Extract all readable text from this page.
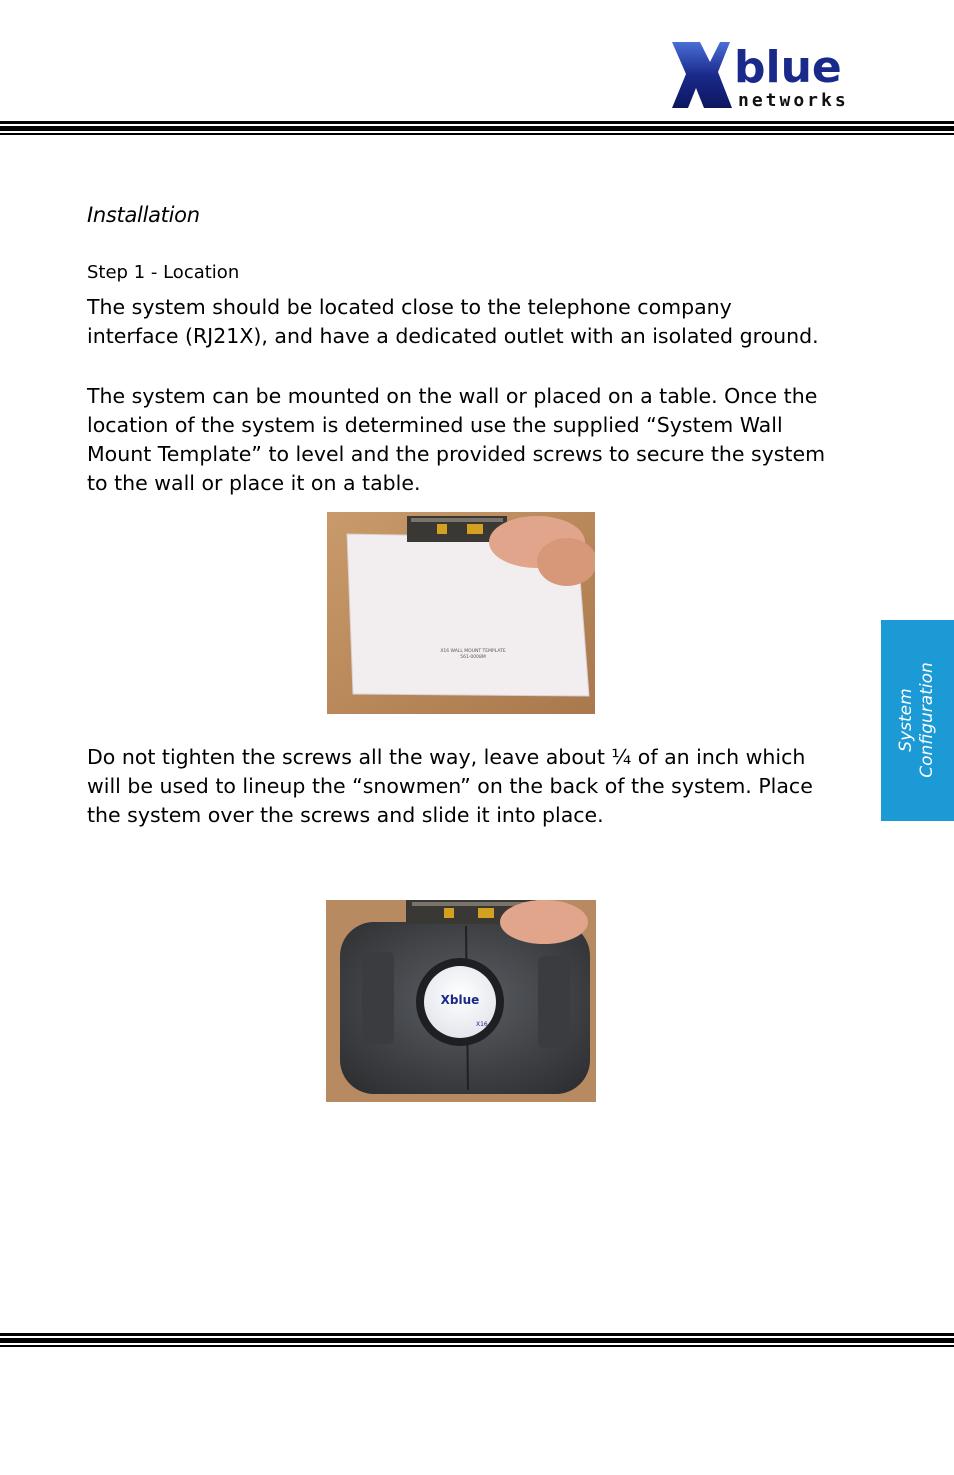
blue
networks
Installation
Step 1 - Location
The system should be located close to the telephone company
interface (RJ21X), and have a dedicated outlet with an isolated ground.
The system can be mounted on the wall or placed on a table. Once the
location of the system is determined use the supplied “System Wall
Mount Template” to level and the provided screws to secure the system
to the wall or place it on a table.
X16 WALL MOUNT TEMPLATE
561-0008M
Do not tighten the screws all the way, leave about ¼ of an inch which
will be used to lineup the “snowmen” on the back of the system. Place
the system over the screws and slide it into place.
Xblue
X16
System Configuration
